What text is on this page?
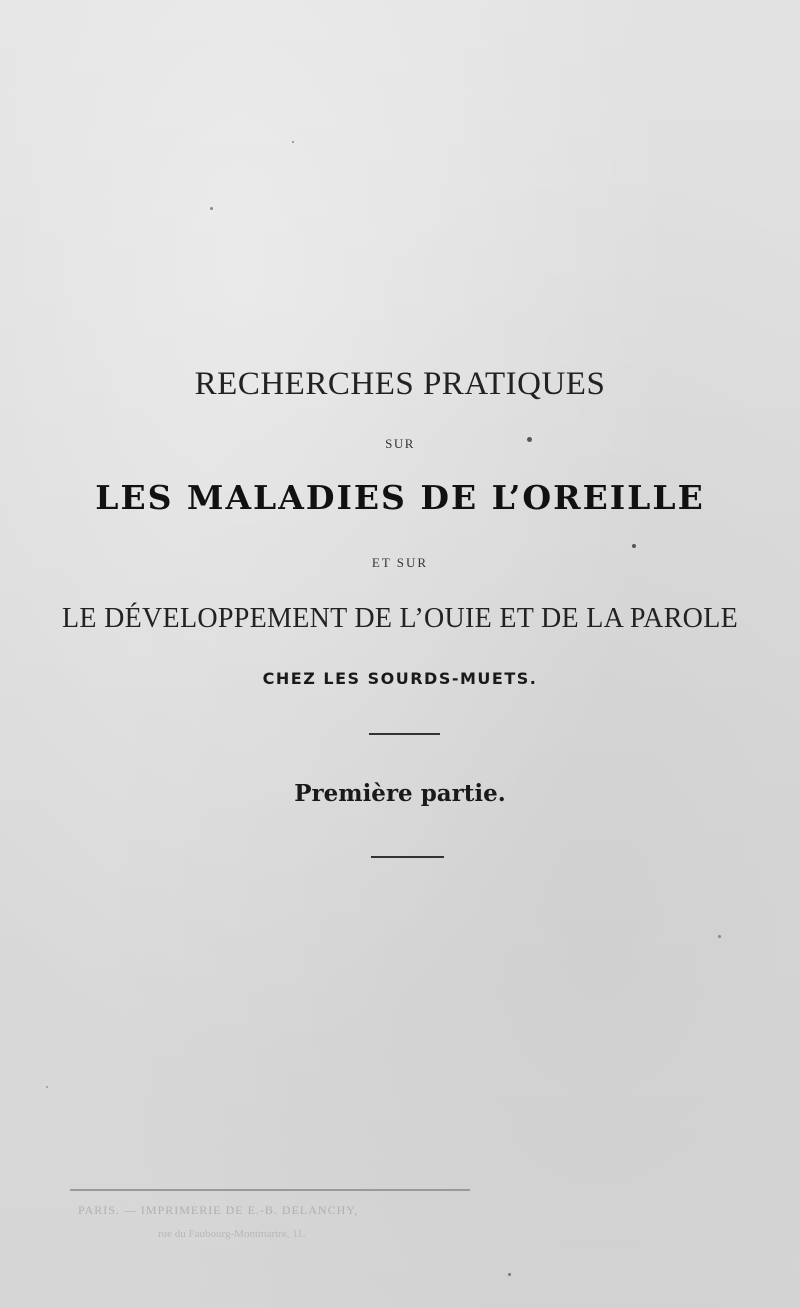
RECHERCHES PRATIQUES
SUR
LES MALADIES DE L’OREILLE
ET SUR
LE DÉVELOPPEMENT DE L’OUIE ET DE LA PAROLE
CHEZ LES SOURDS-MUETS.
Première partie.
PARIS. — IMPRIMERIE DE E.-B. DELANCHY,
rue du Faubourg-Montmartre, 11.
